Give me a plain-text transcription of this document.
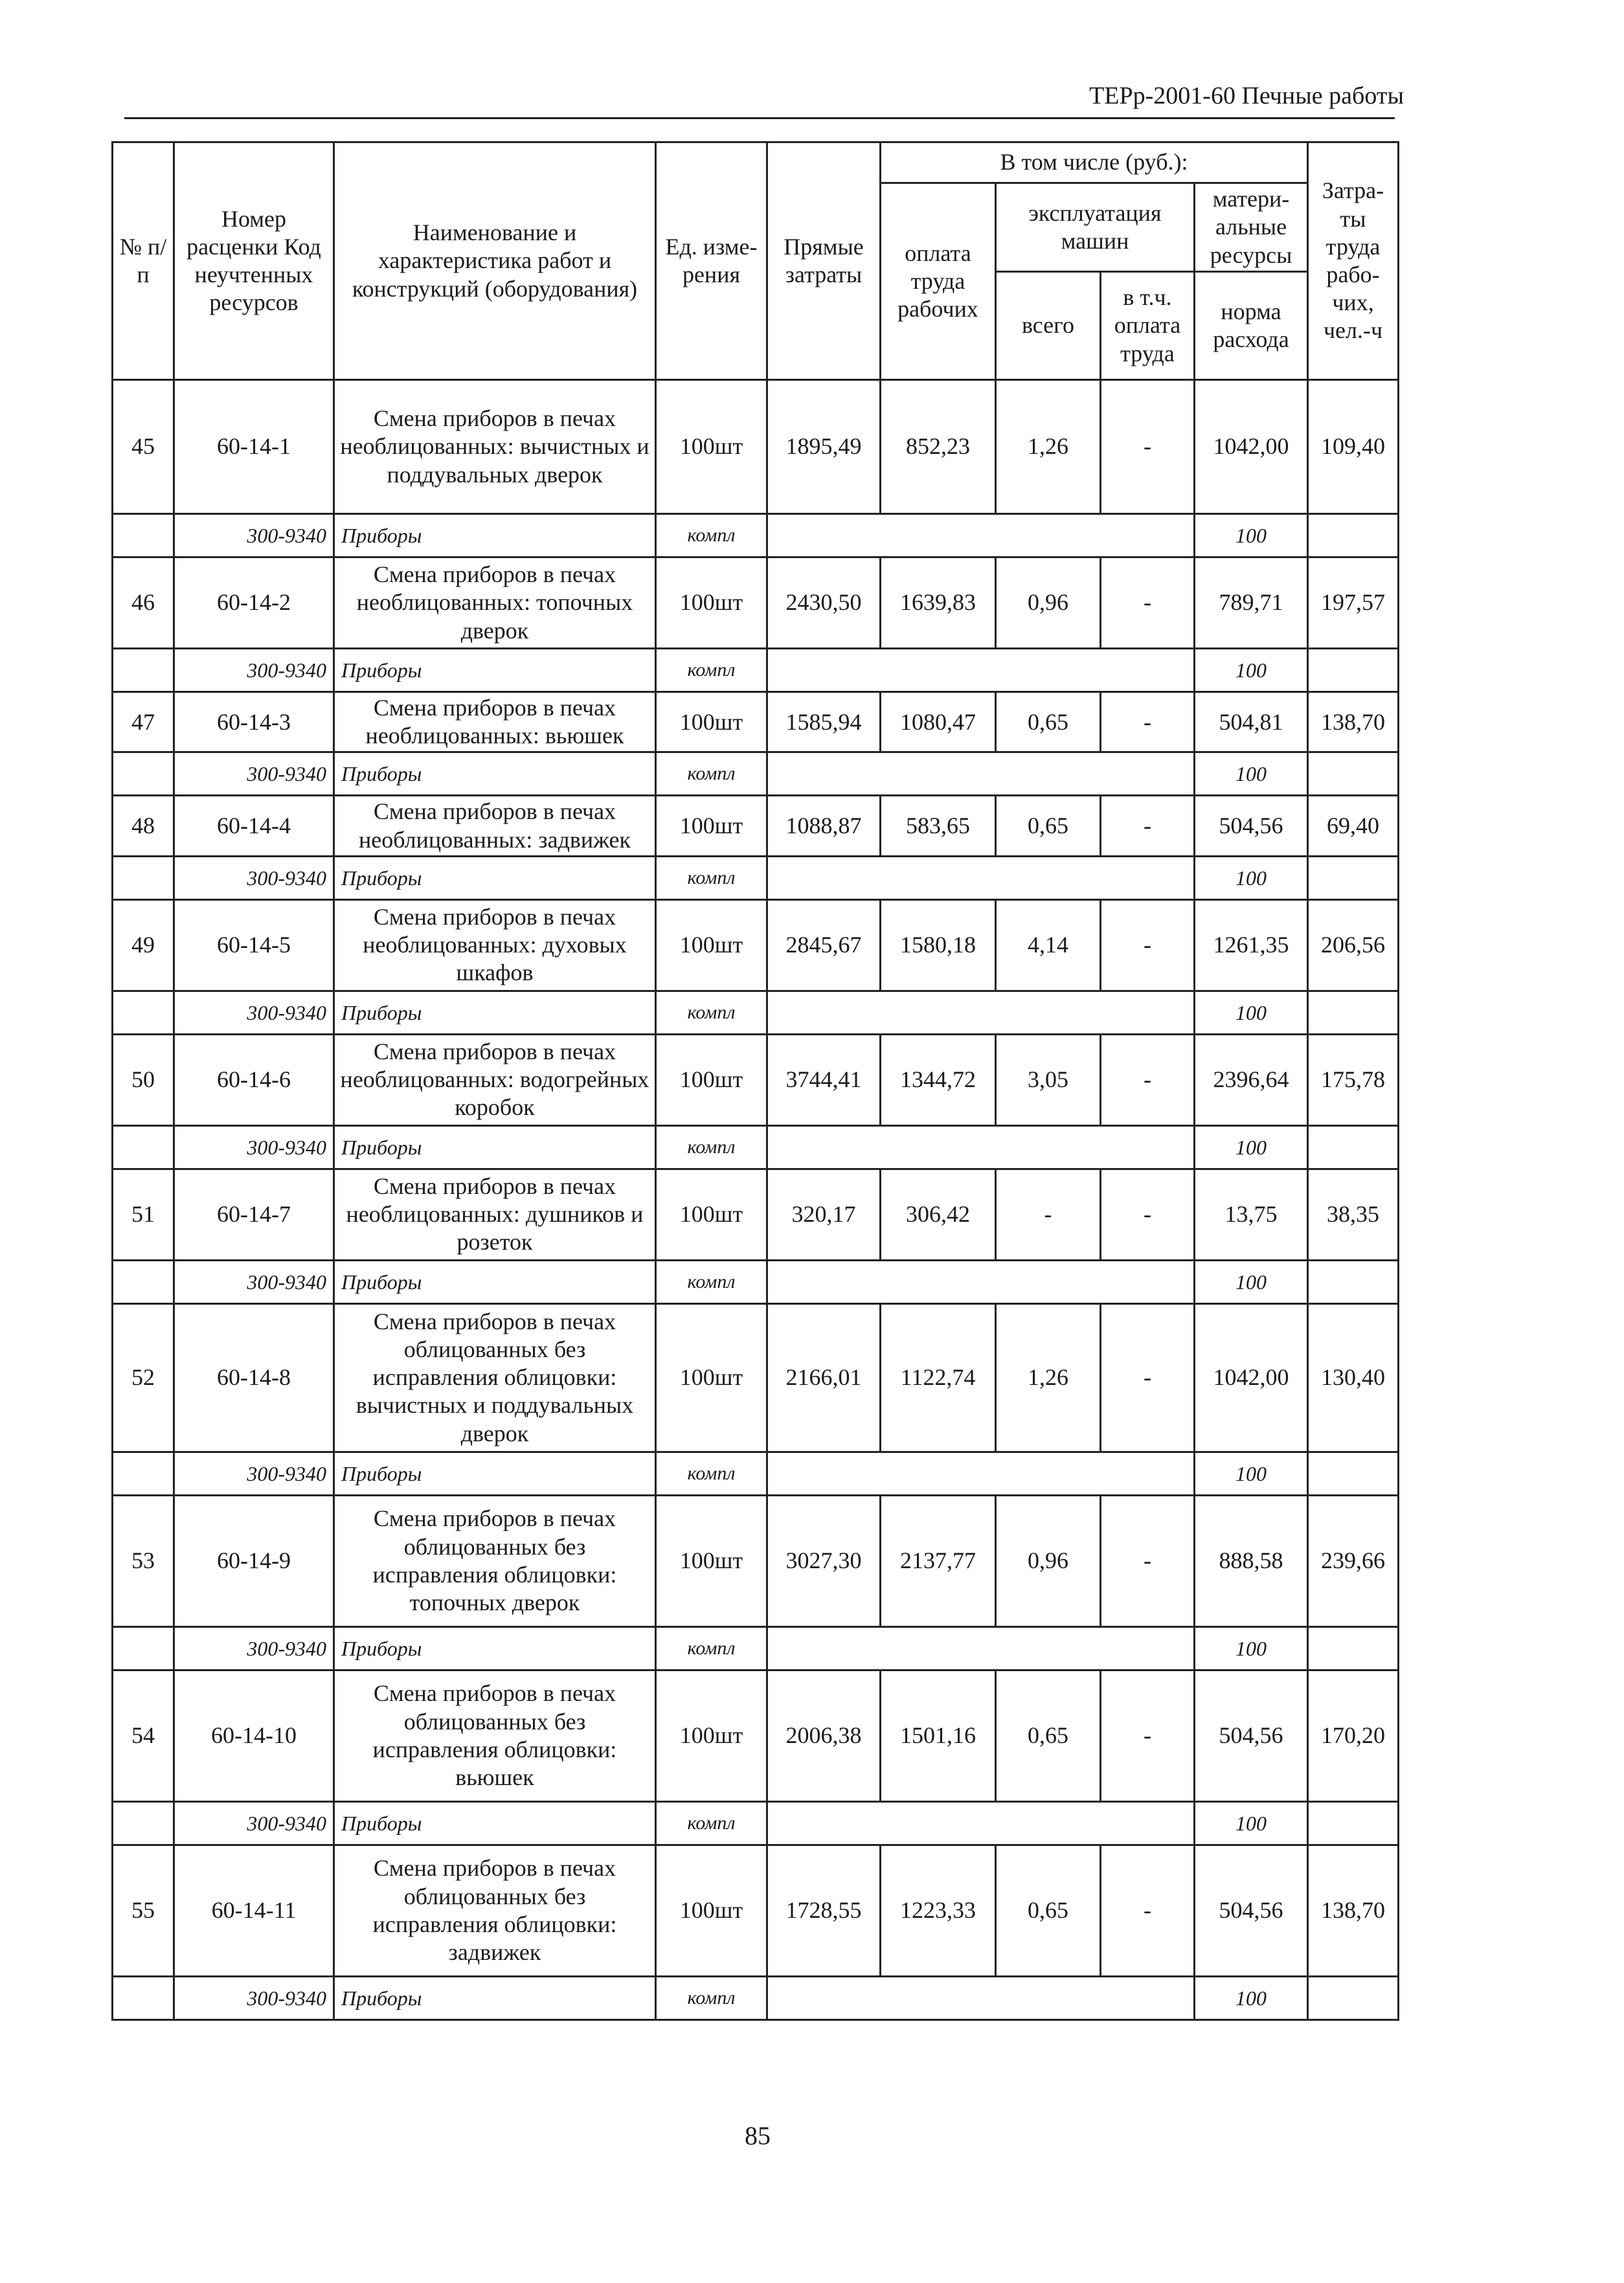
ТЕРр-2001-60 Печные работы
№ п/п	Номер расценки Код неучтенных ресурсов	Наименование и характеристика работ и конструкций (оборудования)	Ед. изме-рения	Прямые затраты	В том числе (руб.):				Затра-ты труда рабо-чих, чел.-ч
					оплата труда рабочих	эксплуатация машин		матери-альные ресурсы	
						всего	в т.ч. оплата труда	норма расхода	
45	60-14-1	Смена приборов в печах необлицованных: вычистных и поддувальных дверок	100шт	1895,49	852,23	1,26	-	1042,00	109,40
	300-9340	Приборы	компл					100	
46	60-14-2	Смена приборов в печах необлицованных: топочных дверок	100шт	2430,50	1639,83	0,96	-	789,71	197,57
	300-9340	Приборы	компл					100	
47	60-14-3	Смена приборов в печах необлицованных: вьюшек	100шт	1585,94	1080,47	0,65	-	504,81	138,70
	300-9340	Приборы	компл					100	
48	60-14-4	Смена приборов в печах необлицованных: задвижек	100шт	1088,87	583,65	0,65	-	504,56	69,40
	300-9340	Приборы	компл					100	
49	60-14-5	Смена приборов в печах необлицованных: духовых шкафов	100шт	2845,67	1580,18	4,14	-	1261,35	206,56
	300-9340	Приборы	компл					100	
50	60-14-6	Смена приборов в печах необлицованных: водогрейных коробок	100шт	3744,41	1344,72	3,05	-	2396,64	175,78
	300-9340	Приборы	компл					100	
51	60-14-7	Смена приборов в печах необлицованных: душников и розеток	100шт	320,17	306,42	-	-	13,75	38,35
	300-9340	Приборы	компл					100	
52	60-14-8	Смена приборов в печах облицованных без исправления облицовки: вычистных и поддувальных дверок	100шт	2166,01	1122,74	1,26	-	1042,00	130,40
	300-9340	Приборы	компл					100	
53	60-14-9	Смена приборов в печах облицованных без исправления облицовки: топочных дверок	100шт	3027,30	2137,77	0,96	-	888,58	239,66
	300-9340	Приборы	компл					100	
54	60-14-10	Смена приборов в печах облицованных без исправления облицовки: вьюшек	100шт	2006,38	1501,16	0,65	-	504,56	170,20
	300-9340	Приборы	компл					100	
55	60-14-11	Смена приборов в печах облицованных без исправления облицовки: задвижек	100шт	1728,55	1223,33	0,65	-	504,56	138,70
	300-9340	Приборы	компл					100	
85
